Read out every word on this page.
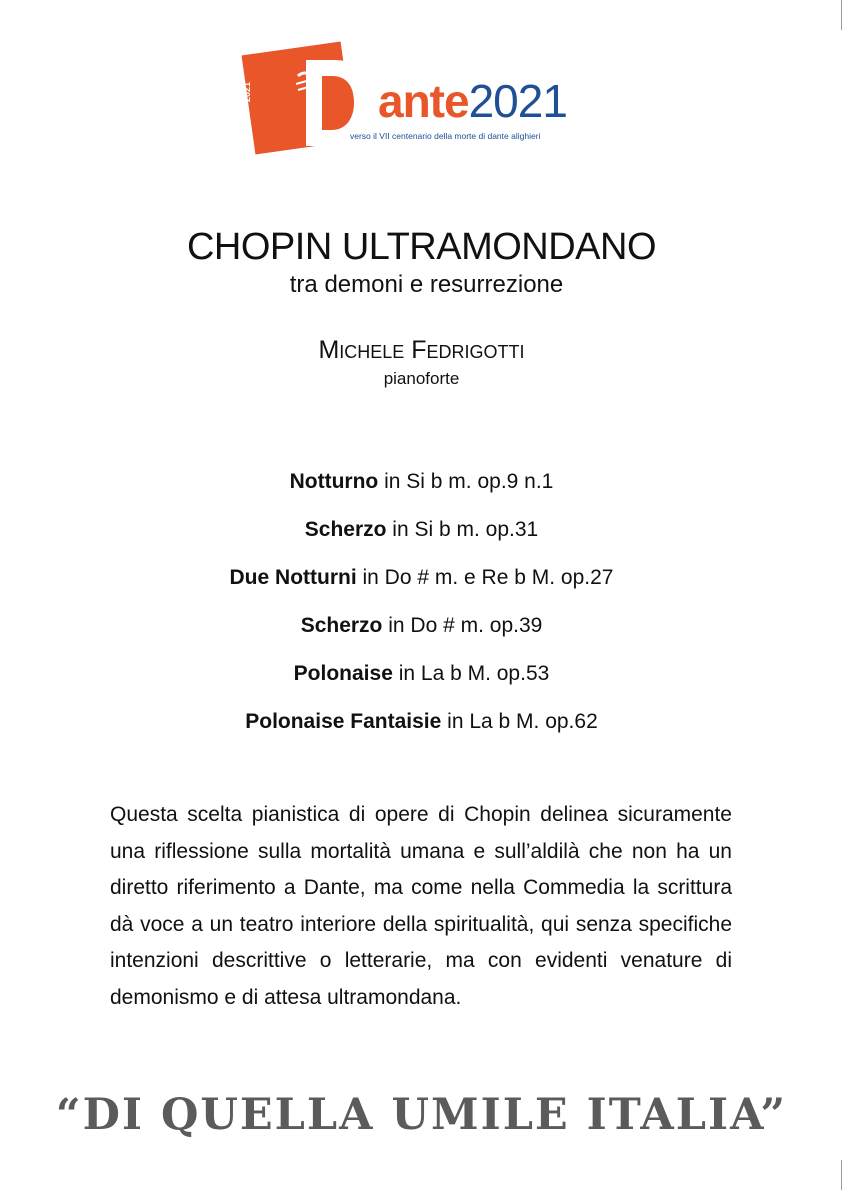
2021	ante2021
verso il VII centenario della morte di dante alighieri
CHOPIN ULTRAMONDANO
tra demoni e resurrezione
Michele Fedrigotti
pianoforte
Notturno in Si b m. op.9 n.1
Scherzo in Si b m. op.31
Due Notturni in Do # m. e Re b M. op.27
Scherzo in Do # m. op.39
Polonaise in La b M. op.53
Polonaise Fantaisie in La b M. op.62

Questa scelta pianistica di opere di Chopin delinea sicuramente una riflessione sulla mortalità umana e sull’aldilà che non ha un diretto riferimento a Dante, ma come nella Commedia la scrittura dà voce a un teatro interiore della spiritualità, qui senza specifiche intenzioni descrittive o letterarie, ma con evidenti venature di demonismo e di attesa ultramondana.

“DI QUELLA UMILE ITALIA”
